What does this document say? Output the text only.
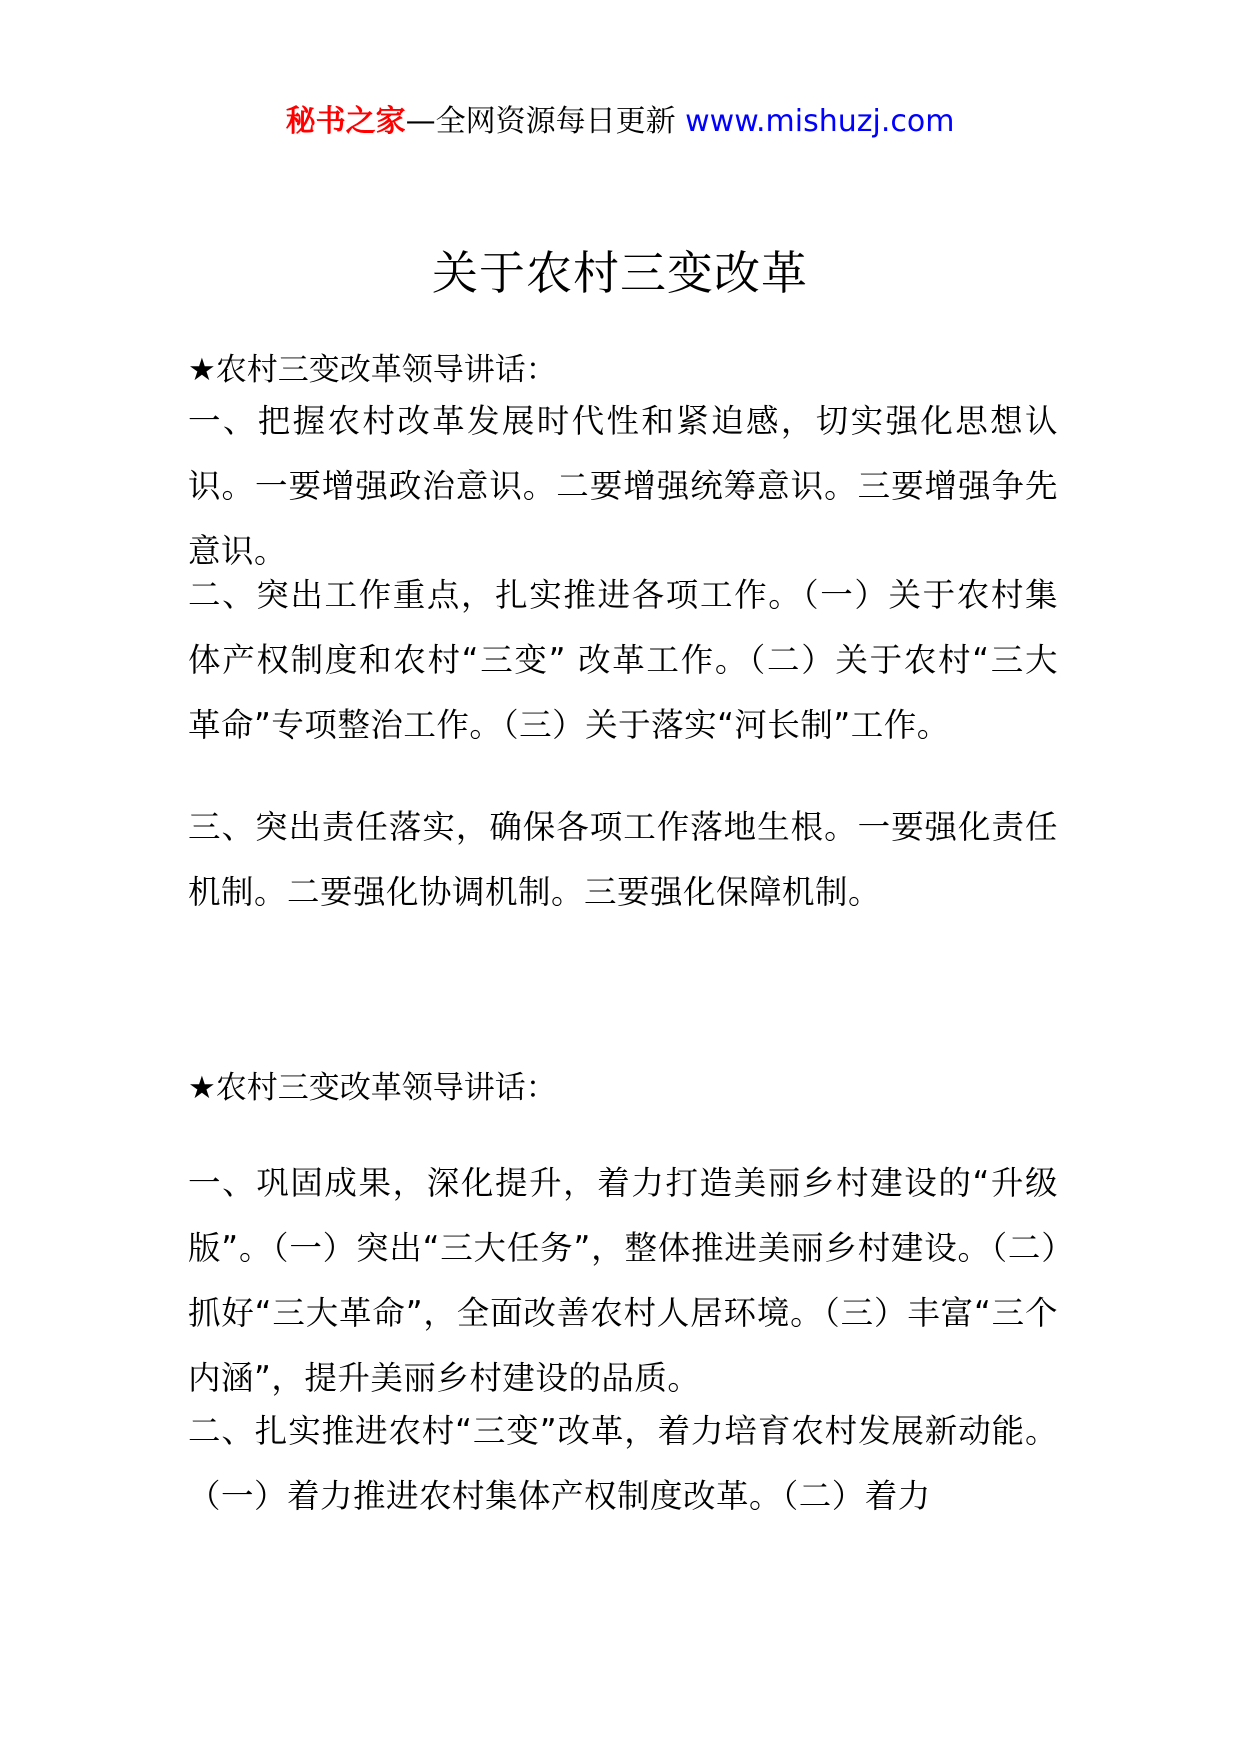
秘书之家—全网资源每日更新 www.mishuzj.com
关于农村三变改革
★农村三变改革领导讲话：
一、把握农村改革发展时代性和紧迫感，切实强化思想认识。一要增强政治意识。二要增强统筹意识。三要增强争先意识。
二、突出工作重点，扎实推进各项工作。（一）关于农村集体产权制度和农村“三变” 改革工作。（二）关于农村“三大革命”专项整治工作。（三）关于落实“河长制”工作。
三、突出责任落实，确保各项工作落地生根。一要强化责任机制。二要强化协调机制。三要强化保障机制。
★农村三变改革领导讲话：
一、巩固成果，深化提升，着力打造美丽乡村建设的“升级版”。（一）突出“三大任务”，整体推进美丽乡村建设。（二）抓好“三大革命”，全面改善农村人居环境。（三）丰富“三个内涵”，提升美丽乡村建设的品质。
二、扎实推进农村“三变”改革，着力培育农村发展新动能。（一）着力推进农村集体产权制度改革。（二）着力
